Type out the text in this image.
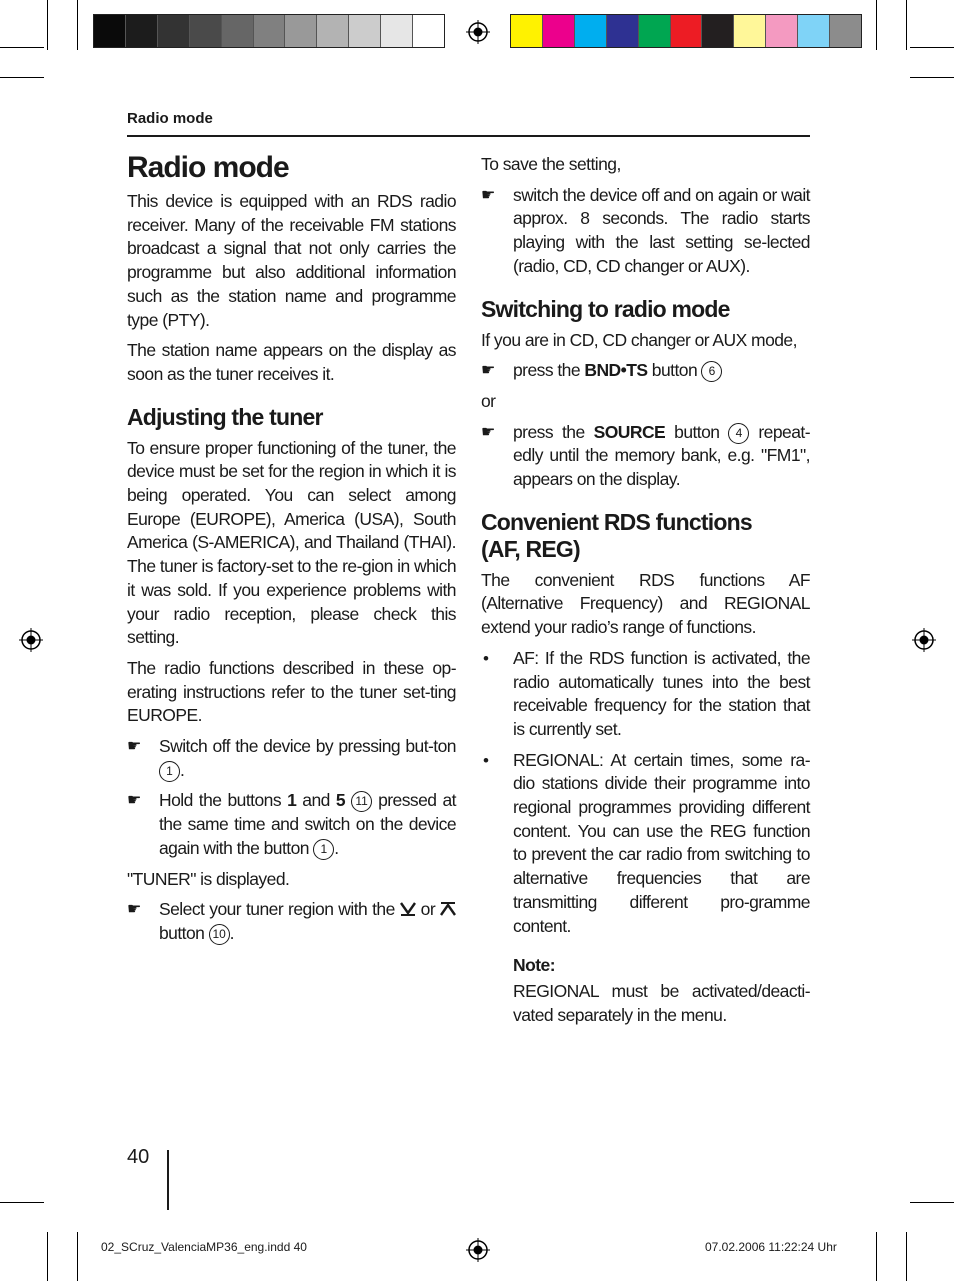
Radio mode
Radio mode

This device is equipped with an RDS radio receiver. Many of the receivable FM stations broadcast a signal that not only carries the programme but also additional information such as the station name and programme type (PTY).

The station name appears on the display as soon as the tuner receives it.

Adjusting the tuner

To ensure proper functioning of the tuner, the device must be set for the region in which it is being operated. You can select among Europe (EUROPE), America (USA), South America (S-AMERICA), and Thailand (THAI). The tuner is factory-set to the re-gion in which it was sold. If you experience problems with your radio reception, please check this setting.

The radio functions described in these op-erating instructions refer to the tuner set-ting EUROPE.

☛	Switch off the device by pressing but-ton 1 .
☛	Hold the buttons 1 and 5 11 pressed at the same time and switch on the device again with the button 1 .

"TUNER" is displayed.

☛	Select your tuner region with the or button 10 .

To save the setting,

☛	switch the device off and on again or wait approx. 8 seconds. The radio starts playing with the last setting se-lected (radio, CD, CD changer or AUX).
Switching to radio mode

If you are in CD, CD changer or AUX mode,

☛	press the BND•TS button 6

or

☛	press the SOURCE button 4 repeat-edly until the memory bank, e.g. "FM1", appears on the display.
Convenient RDS functions (AF, REG)

The convenient RDS functions AF (Alternative Frequency) and REGIONAL extend your radio’s range of functions.

•	AF: If the RDS function is activated, the radio automatically tunes into the best receivable frequency for the station that is currently set.
•	REGIONAL: At certain times, some ra-dio stations divide their programme into regional programmes providing different content. You can use the REG function to prevent the car radio from switching to alternative frequencies that are transmitting different pro-gramme content.
Note:
REGIONAL must be activated/deacti-vated separately in the menu.
40
02_SCruz_ValenciaMP36_eng.indd 40	07.02.2006 11:22:24 Uhr
